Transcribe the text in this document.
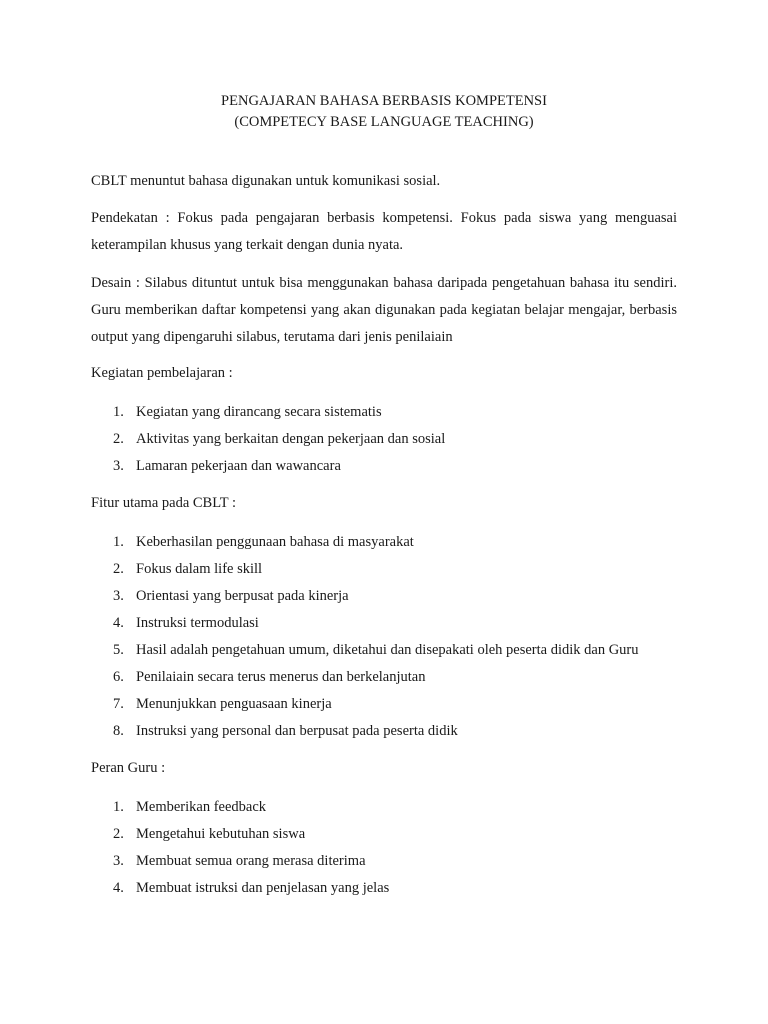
PENGAJARAN BAHASA BERBASIS KOMPETENSI
(COMPETECY BASE LANGUAGE TEACHING)

CBLT menuntut bahasa digunakan untuk komunikasi sosial.

Pendekatan : Fokus pada pengajaran berbasis kompetensi. Fokus pada siswa yang menguasai keterampilan khusus yang terkait dengan dunia nyata.

Desain : Silabus dituntut untuk bisa menggunakan bahasa daripada pengetahuan bahasa itu sendiri. Guru memberikan daftar kompetensi yang akan digunakan pada kegiatan belajar mengajar, berbasis output yang dipengaruhi silabus, terutama dari jenis penilaiain

Kegiatan pembelajaran :

1. Kegiatan yang dirancang secara sistematis
2. Aktivitas yang berkaitan dengan pekerjaan dan sosial
3. Lamaran pekerjaan dan wawancara

Fitur utama pada CBLT :

1. Keberhasilan penggunaan bahasa di masyarakat
2. Fokus dalam life skill
3. Orientasi yang berpusat pada kinerja
4. Instruksi termodulasi
5. Hasil adalah pengetahuan umum, diketahui dan disepakati oleh peserta didik dan Guru
6. Penilaiain secara terus menerus dan berkelanjutan
7. Menunjukkan penguasaan kinerja
8. Instruksi yang personal dan berpusat pada peserta didik

Peran Guru :

1. Memberikan feedback
2. Mengetahui kebutuhan siswa
3. Membuat semua orang merasa diterima
4. Membuat istruksi dan penjelasan yang jelas
